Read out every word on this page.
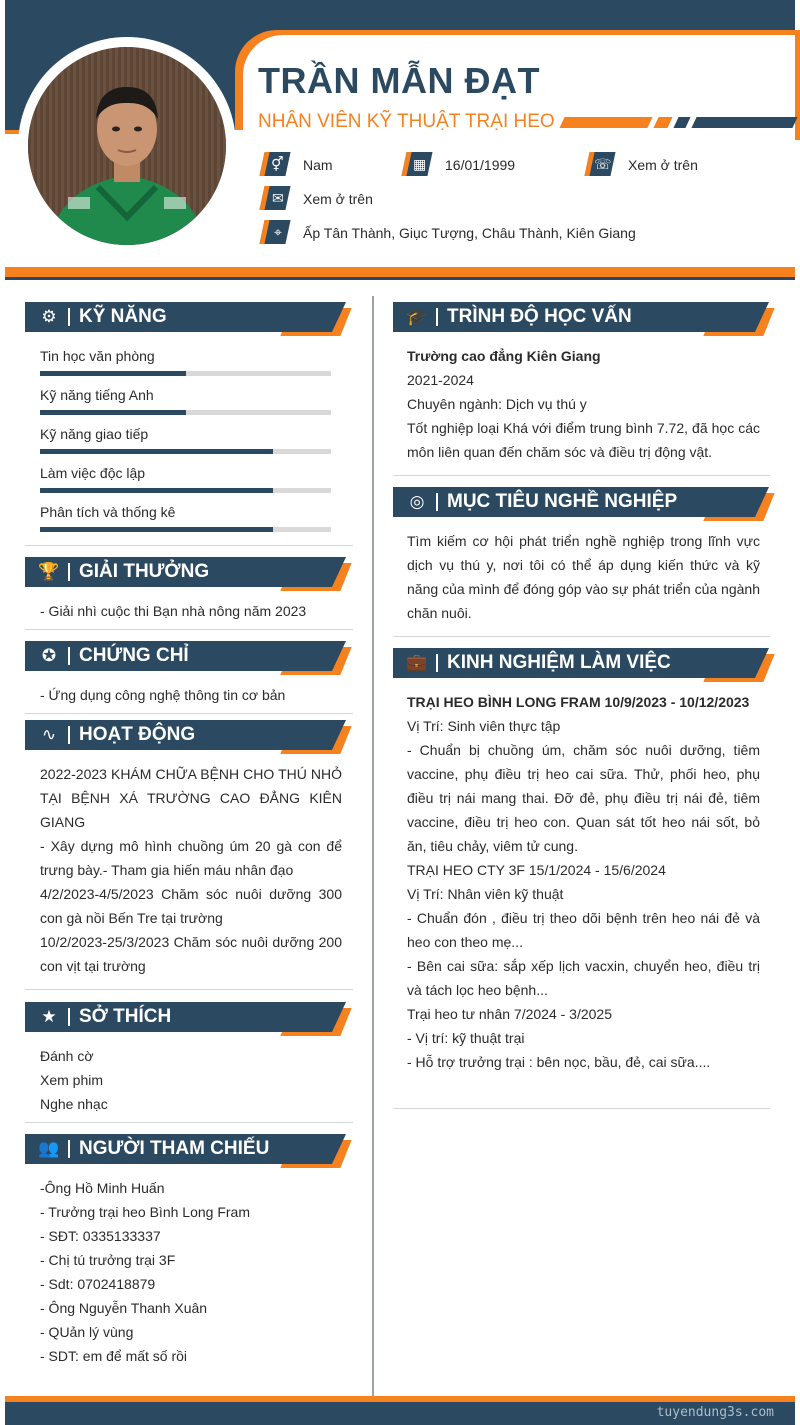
TRẦN MẪN ĐẠT
NHÂN VIÊN KỸ THUẬT TRẠI HEO
⚥	Nam	▦	16/01/1999	☏	Xem ở trên
✉	Xem ở trên
⌖	Ấp Tân Thành, Giục Tượng, Châu Thành, Kiên Giang
⚙ KỸ NĂNG
Tin học văn phòng
Kỹ năng tiếng Anh
Kỹ năng giao tiếp
Làm việc độc lập
Phân tích và thống kê
🏆 GIẢI THƯỞNG
- Giải nhì cuộc thi Bạn nhà nông năm 2023
✪ CHỨNG CHỈ
- Ứng dụng công nghệ thông tin cơ bản
∿ HOẠT ĐỘNG

2022-2023 KHÁM CHỮA BỆNH CHO THÚ NHỎ TẠI BỆNH XÁ TRƯỜNG CAO ĐẲNG KIÊN GIANG

- Xây dựng mô hình chuồng úm 20 gà con để trưng bày.- Tham gia hiến máu nhân đạo

4/2/2023-4/5/2023 Chăm sóc nuôi dưỡng 300 con gà nồi Bến Tre tại trường

10/2/2023-25/3/2023 Chăm sóc nuôi dưỡng 200 con vịt tại trường

★ SỞ THÍCH
Đánh cờ
Xem phim
Nghe nhạc
👥 NGƯỜI THAM CHIẾU
-Ông Hồ Minh Huấn
- Trưởng trại heo Bình Long Fram
- SĐT: 0335133337
- Chị tú trưởng trại 3F
- Sdt: 0702418879
- Ông Nguyễn Thanh Xuân
- QUản lý vùng
- SDT: em để mất số rồi
🎓 TRÌNH ĐỘ HỌC VẤN
Trường cao đẳng Kiên Giang
2021-2024
Chuyên ngành: Dịch vụ thú y

Tốt nghiệp loại Khá với điểm trung bình 7.72, đã học các môn liên quan đến chăm sóc và điều trị động vật.

◎ MỤC TIÊU NGHỀ NGHIỆP

Tìm kiếm cơ hội phát triển nghề nghiệp trong lĩnh vực dịch vụ thú y, nơi tôi có thể áp dụng kiến thức và kỹ năng của mình để đóng góp vào sự phát triển của ngành chăn nuôi.

💼 KINH NGHIỆM LÀM VIỆC
TRẠI HEO BÌNH LONG FRAM 10/9/2023 - 10/12/2023
Vị Trí: Sinh viên thực tập

- Chuẩn bị chuồng úm, chăm sóc nuôi dưỡng, tiêm vaccine, phụ điều trị heo cai sữa. Thử, phối heo, phụ điều trị nái mang thai. Đỡ đẻ, phụ điều trị nái đẻ, tiêm vaccine, điều trị heo con. Quan sát tốt heo nái sốt, bỏ ăn, tiêu chảy, viêm tử cung.

TRẠI HEO CTY 3F 15/1/2024 - 15/6/2024
Vị Trí: Nhân viên kỹ thuật

- Chuẩn đón , điều trị theo dõi bệnh trên heo nái đẻ và heo con theo mẹ...

- Bên cai sữa: sắp xếp lịch vacxin, chuyển heo, điều trị và tách lọc heo bệnh...

Trại heo tư nhân 7/2024 - 3/2025
- Vị trí: kỹ thuật trại
- Hỗ trợ trưởng trại : bên nọc, bầu, đẻ, cai sữa....
tuyendung3s.com
